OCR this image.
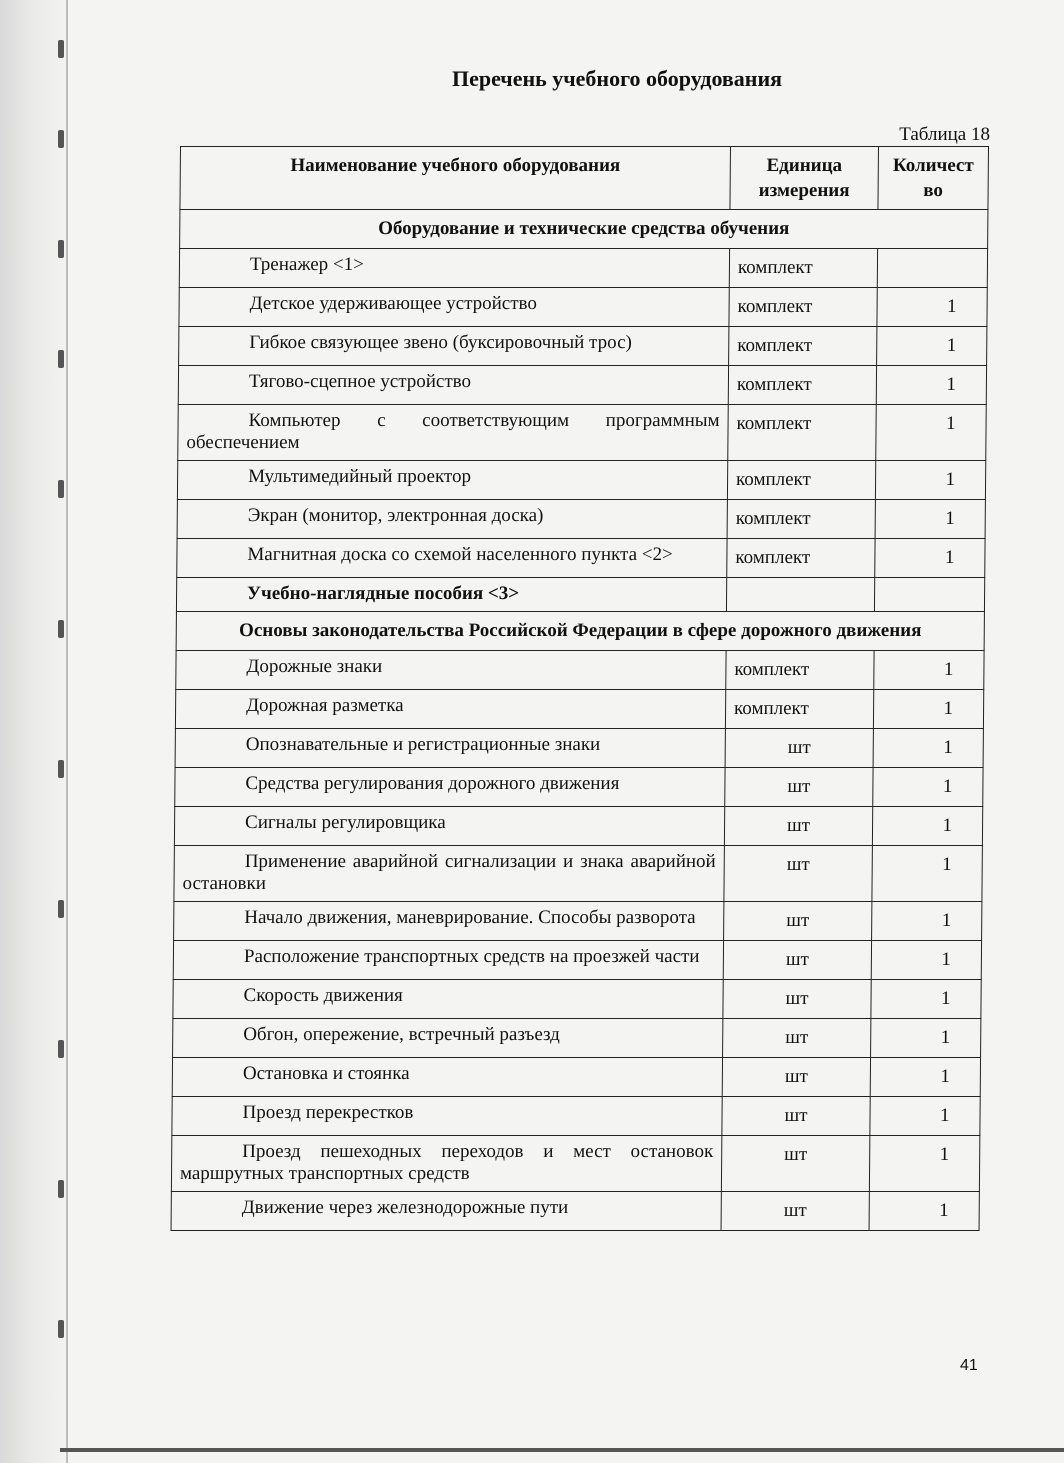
Перечень учебного оборудования
Таблица 18
Наименование учебного оборудования	Единица измерения	Количест во
Оборудование и технические средства обучения		
Тренажер <1>	комплект	
Детское удерживающее устройство	комплект	1
Гибкое связующее звено (буксировочный трос)	комплект	1
Тягово-сцепное устройство	комплект	1
Компьютер с соответствующим программным обеспечением	комплект	1
Мультимедийный проектор	комплект	1
Экран (монитор, электронная доска)	комплект	1
Магнитная доска со схемой населенного пункта <2>	комплект	1
Учебно-наглядные пособия <3>		
Основы законодательства Российской Федерации в сфере дорожного движения		
Дорожные знаки	комплект	1
Дорожная разметка	комплект	1
Опознавательные и регистрационные знаки	шт	1
Средства регулирования дорожного движения	шт	1
Сигналы регулировщика	шт	1
Применение аварийной сигнализации и знака аварийной остановки	шт	1
Начало движения, маневрирование. Способы разворота	шт	1
Расположение транспортных средств на проезжей части	шт	1
Скорость движения	шт	1
Обгон, опережение, встречный разъезд	шт	1
Остановка и стоянка	шт	1
Проезд перекрестков	шт	1
Проезд пешеходных переходов и мест остановок маршрутных транспортных средств	шт	1
Движение через железнодорожные пути	шт	1
41
